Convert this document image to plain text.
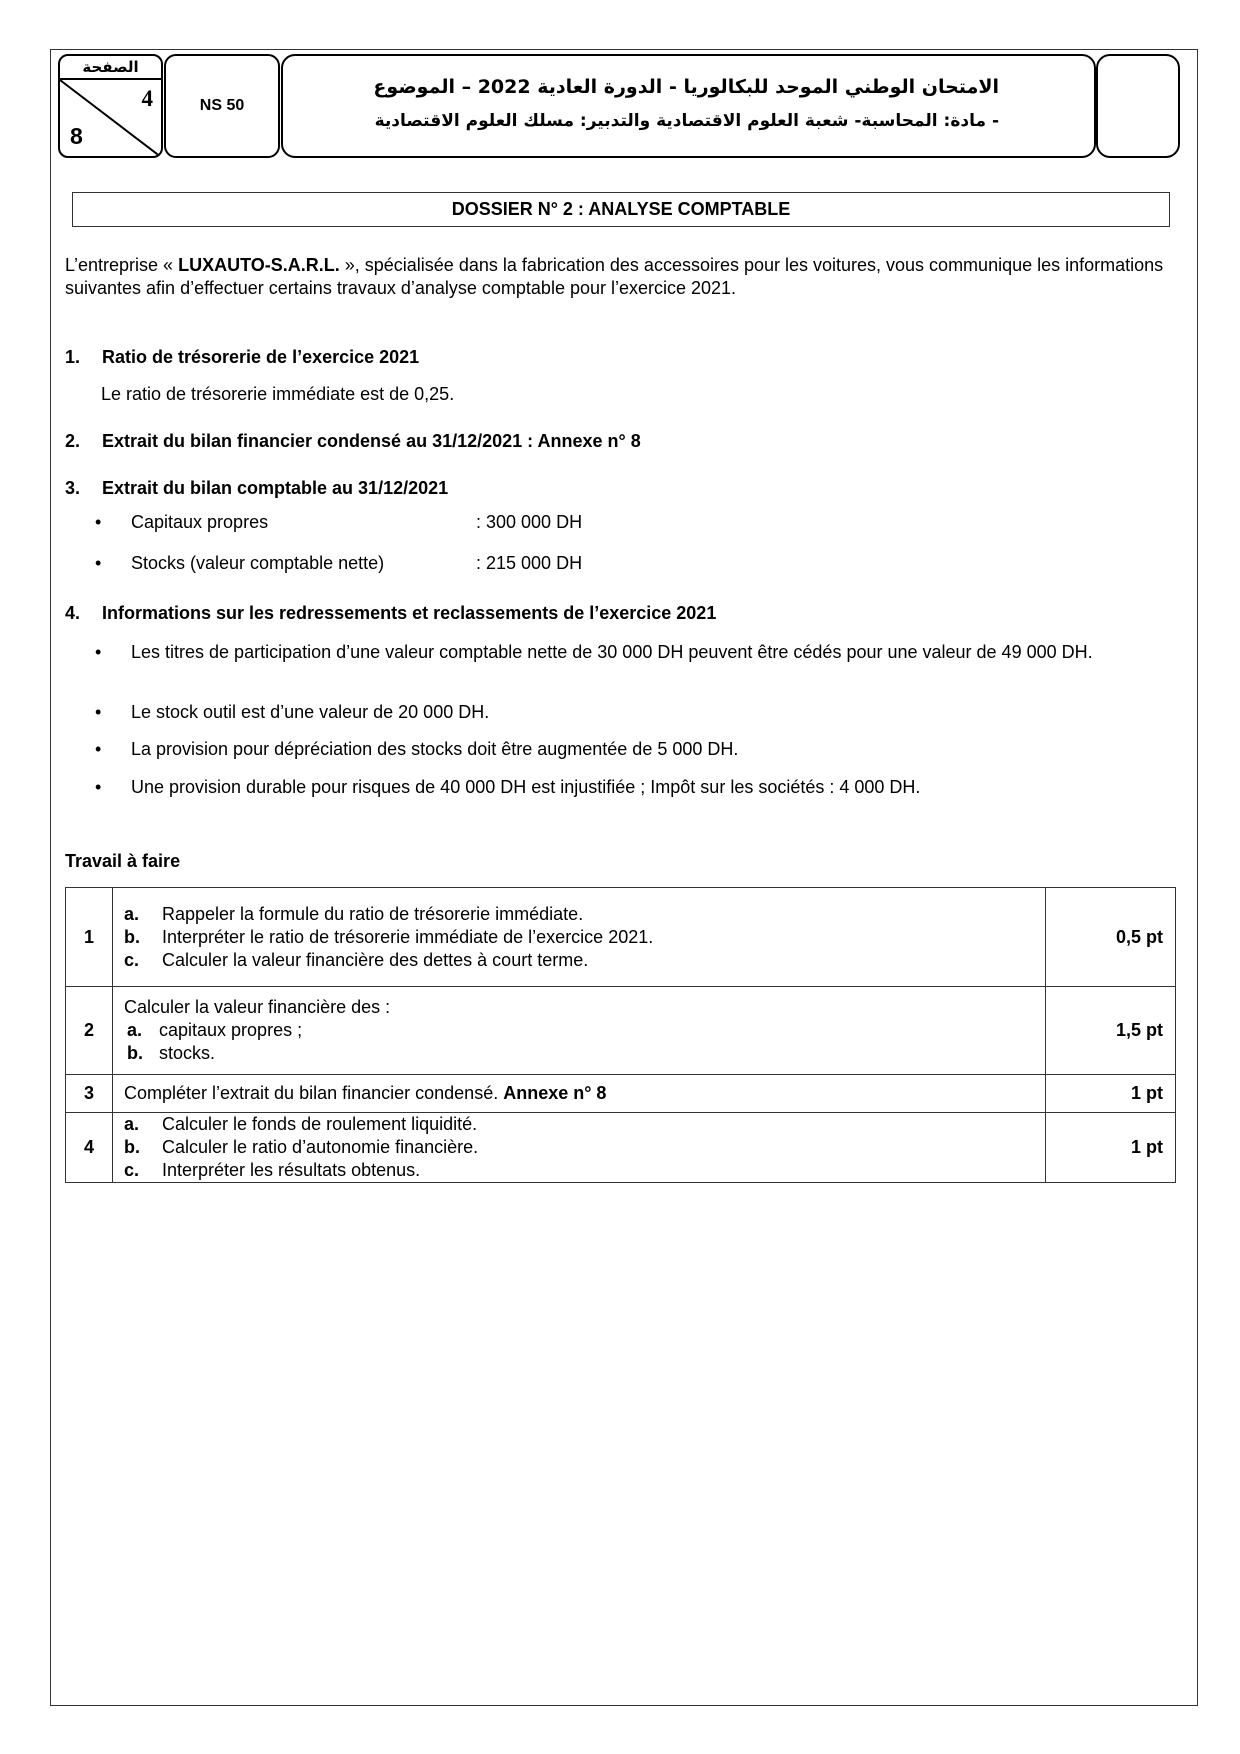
الصفحة
4
8
NS 50
الامتحان الوطني الموحد للبكالوريا - الدورة العادية 2022 – الموضوع
- مادة: المحاسبة- شعبة العلوم الاقتصادية والتدبير: مسلك العلوم الاقتصادية
DOSSIER N° 2 : ANALYSE COMPTABLE
L’entreprise « LUXAUTO-S.A.R.L. », spécialisée dans la fabrication des accessoires pour les voitures, vous communique les informations suivantes afin d’effectuer certains travaux d’analyse comptable pour l’exercice 2021.
1. Ratio de trésorerie de l’exercice 2021
Le ratio de trésorerie immédiate est de 0,25.
2. Extrait du bilan financier condensé au 31/12/2021 : Annexe n° 8
3. Extrait du bilan comptable au 31/12/2021
• Capitaux propres	: 300 000 DH
• Stocks (valeur comptable nette)	: 215 000 DH
4. Informations sur les redressements et reclassements de l’exercice 2021
• Les titres de participation d’une valeur comptable nette de 30 000 DH peuvent être cédés pour une valeur de 49 000 DH.
• Le stock outil est d’une valeur de 20 000 DH.
• La provision pour dépréciation des stocks doit être augmentée de 5 000 DH.
• Une provision durable pour risques de 40 000 DH est injustifiée ; Impôt sur les sociétés : 4 000 DH.
Travail à faire
1	a. Rappeler la formule du ratio de trésorerie immédiate.
b. Interpréter le ratio de trésorerie immédiate de l’exercice 2021.
c. Calculer la valeur financière des dettes à court terme.	0,5 pt
2	Calculer la valeur financière des :
a. capitaux propres ;
b. stocks.	1,5 pt
3	Compléter l’extrait du bilan financier condensé. Annexe n° 8	1 pt
4	a. Calculer le fonds de roulement liquidité.
b. Calculer le ratio d’autonomie financière.
c. Interpréter les résultats obtenus.	1 pt
